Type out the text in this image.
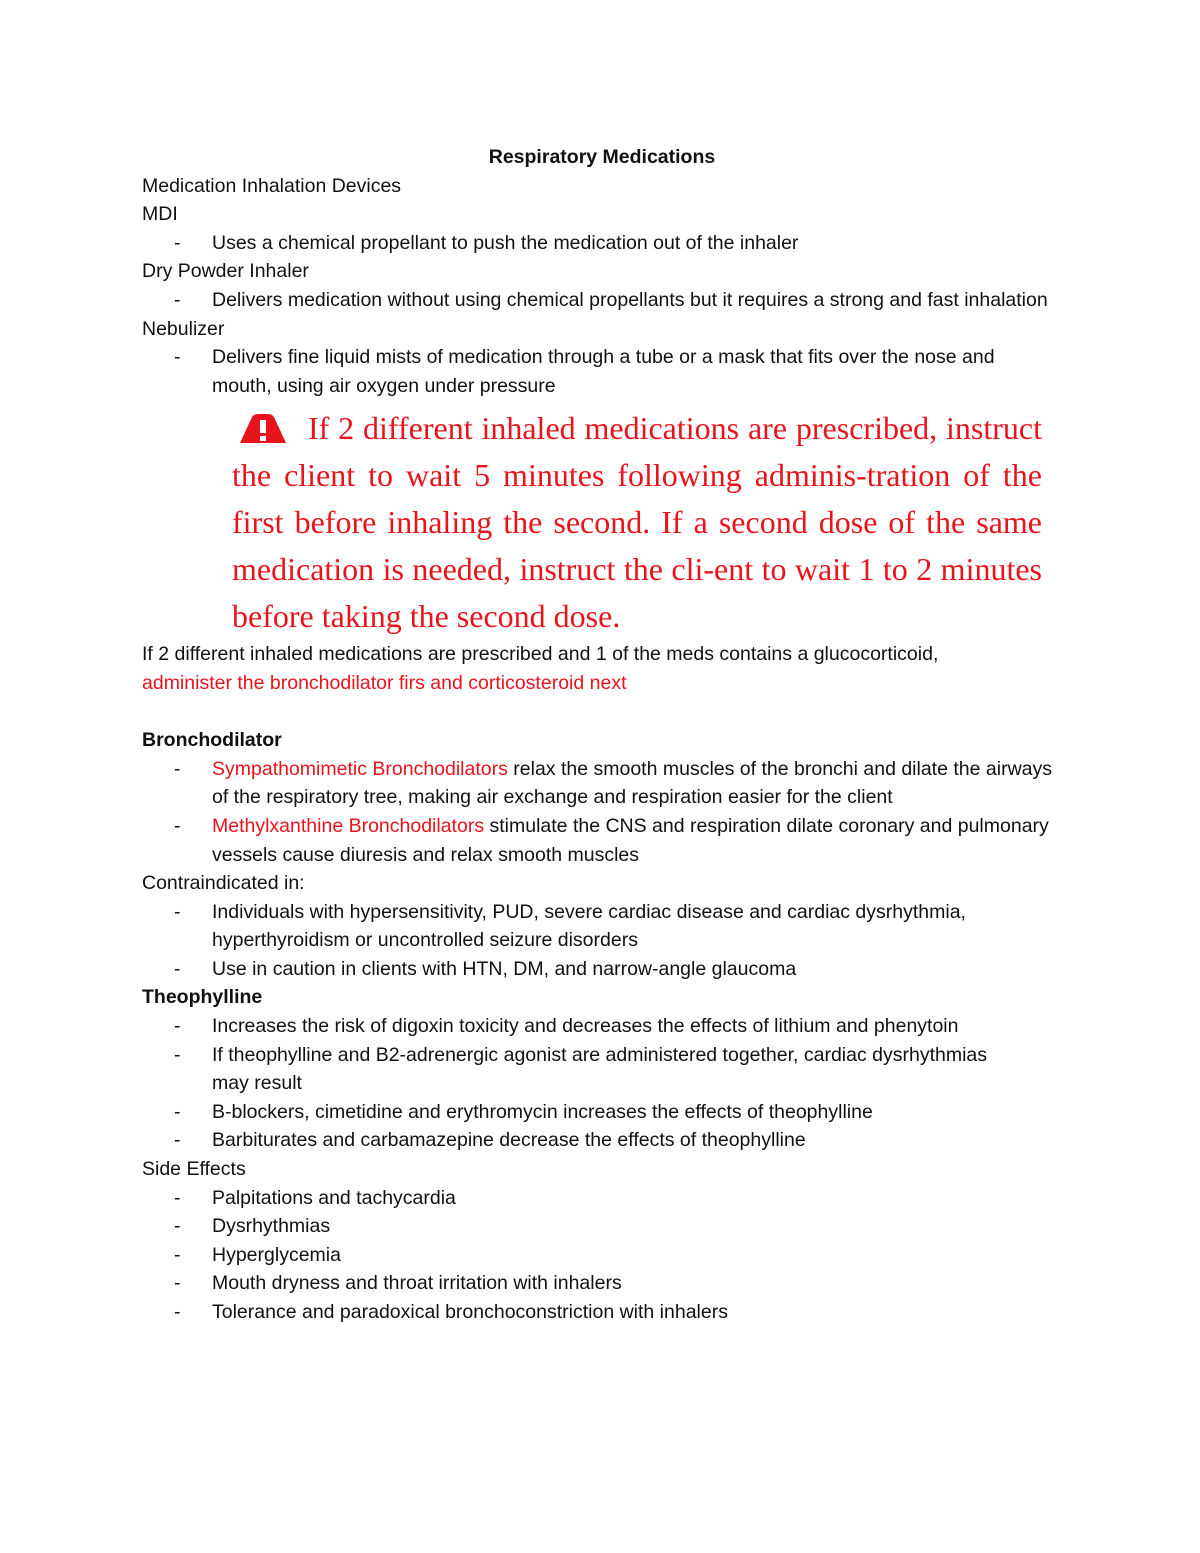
Respiratory Medications
Medication Inhalation Devices
MDI
- Uses a chemical propellant to push the medication out of the inhaler
Dry Powder Inhaler
- Delivers medication without using chemical propellants but it requires a strong and fast inhalation
Nebulizer
- Delivers fine liquid mists of medication through a tube or a mask that fits over the nose and mouth, using air oxygen under pressure
If 2 different inhaled medications are prescribed, instruct the client to wait 5 minutes following adminis-tration of the first before inhaling the second. If a second dose of the same medication is needed, instruct the cli-ent to wait 1 to 2 minutes before taking the second dose.
If 2 different inhaled medications are prescribed and 1 of the meds contains a glucocorticoid,
administer the bronchodilator firs and corticosteroid next
Bronchodilator
- Sympathomimetic Bronchodilators relax the smooth muscles of the bronchi and dilate the airways of the respiratory tree, making air exchange and respiration easier for the client
- Methylxanthine Bronchodilators stimulate the CNS and respiration dilate coronary and pulmonary vessels cause diuresis and relax smooth muscles
Contraindicated in:
- Individuals with hypersensitivity, PUD, severe cardiac disease and cardiac dysrhythmia, hyperthyroidism or uncontrolled seizure disorders
- Use in caution in clients with HTN, DM, and narrow-angle glaucoma
Theophylline
- Increases the risk of digoxin toxicity and decreases the effects of lithium and phenytoin
- If theophylline and B2-adrenergic agonist are administered together, cardiac dysrhythmias may result
- B-blockers, cimetidine and erythromycin increases the effects of theophylline
- Barbiturates and carbamazepine decrease the effects of theophylline
Side Effects
- Palpitations and tachycardia
- Dysrhythmias
- Hyperglycemia
- Mouth dryness and throat irritation with inhalers
- Tolerance and paradoxical bronchoconstriction with inhalers
